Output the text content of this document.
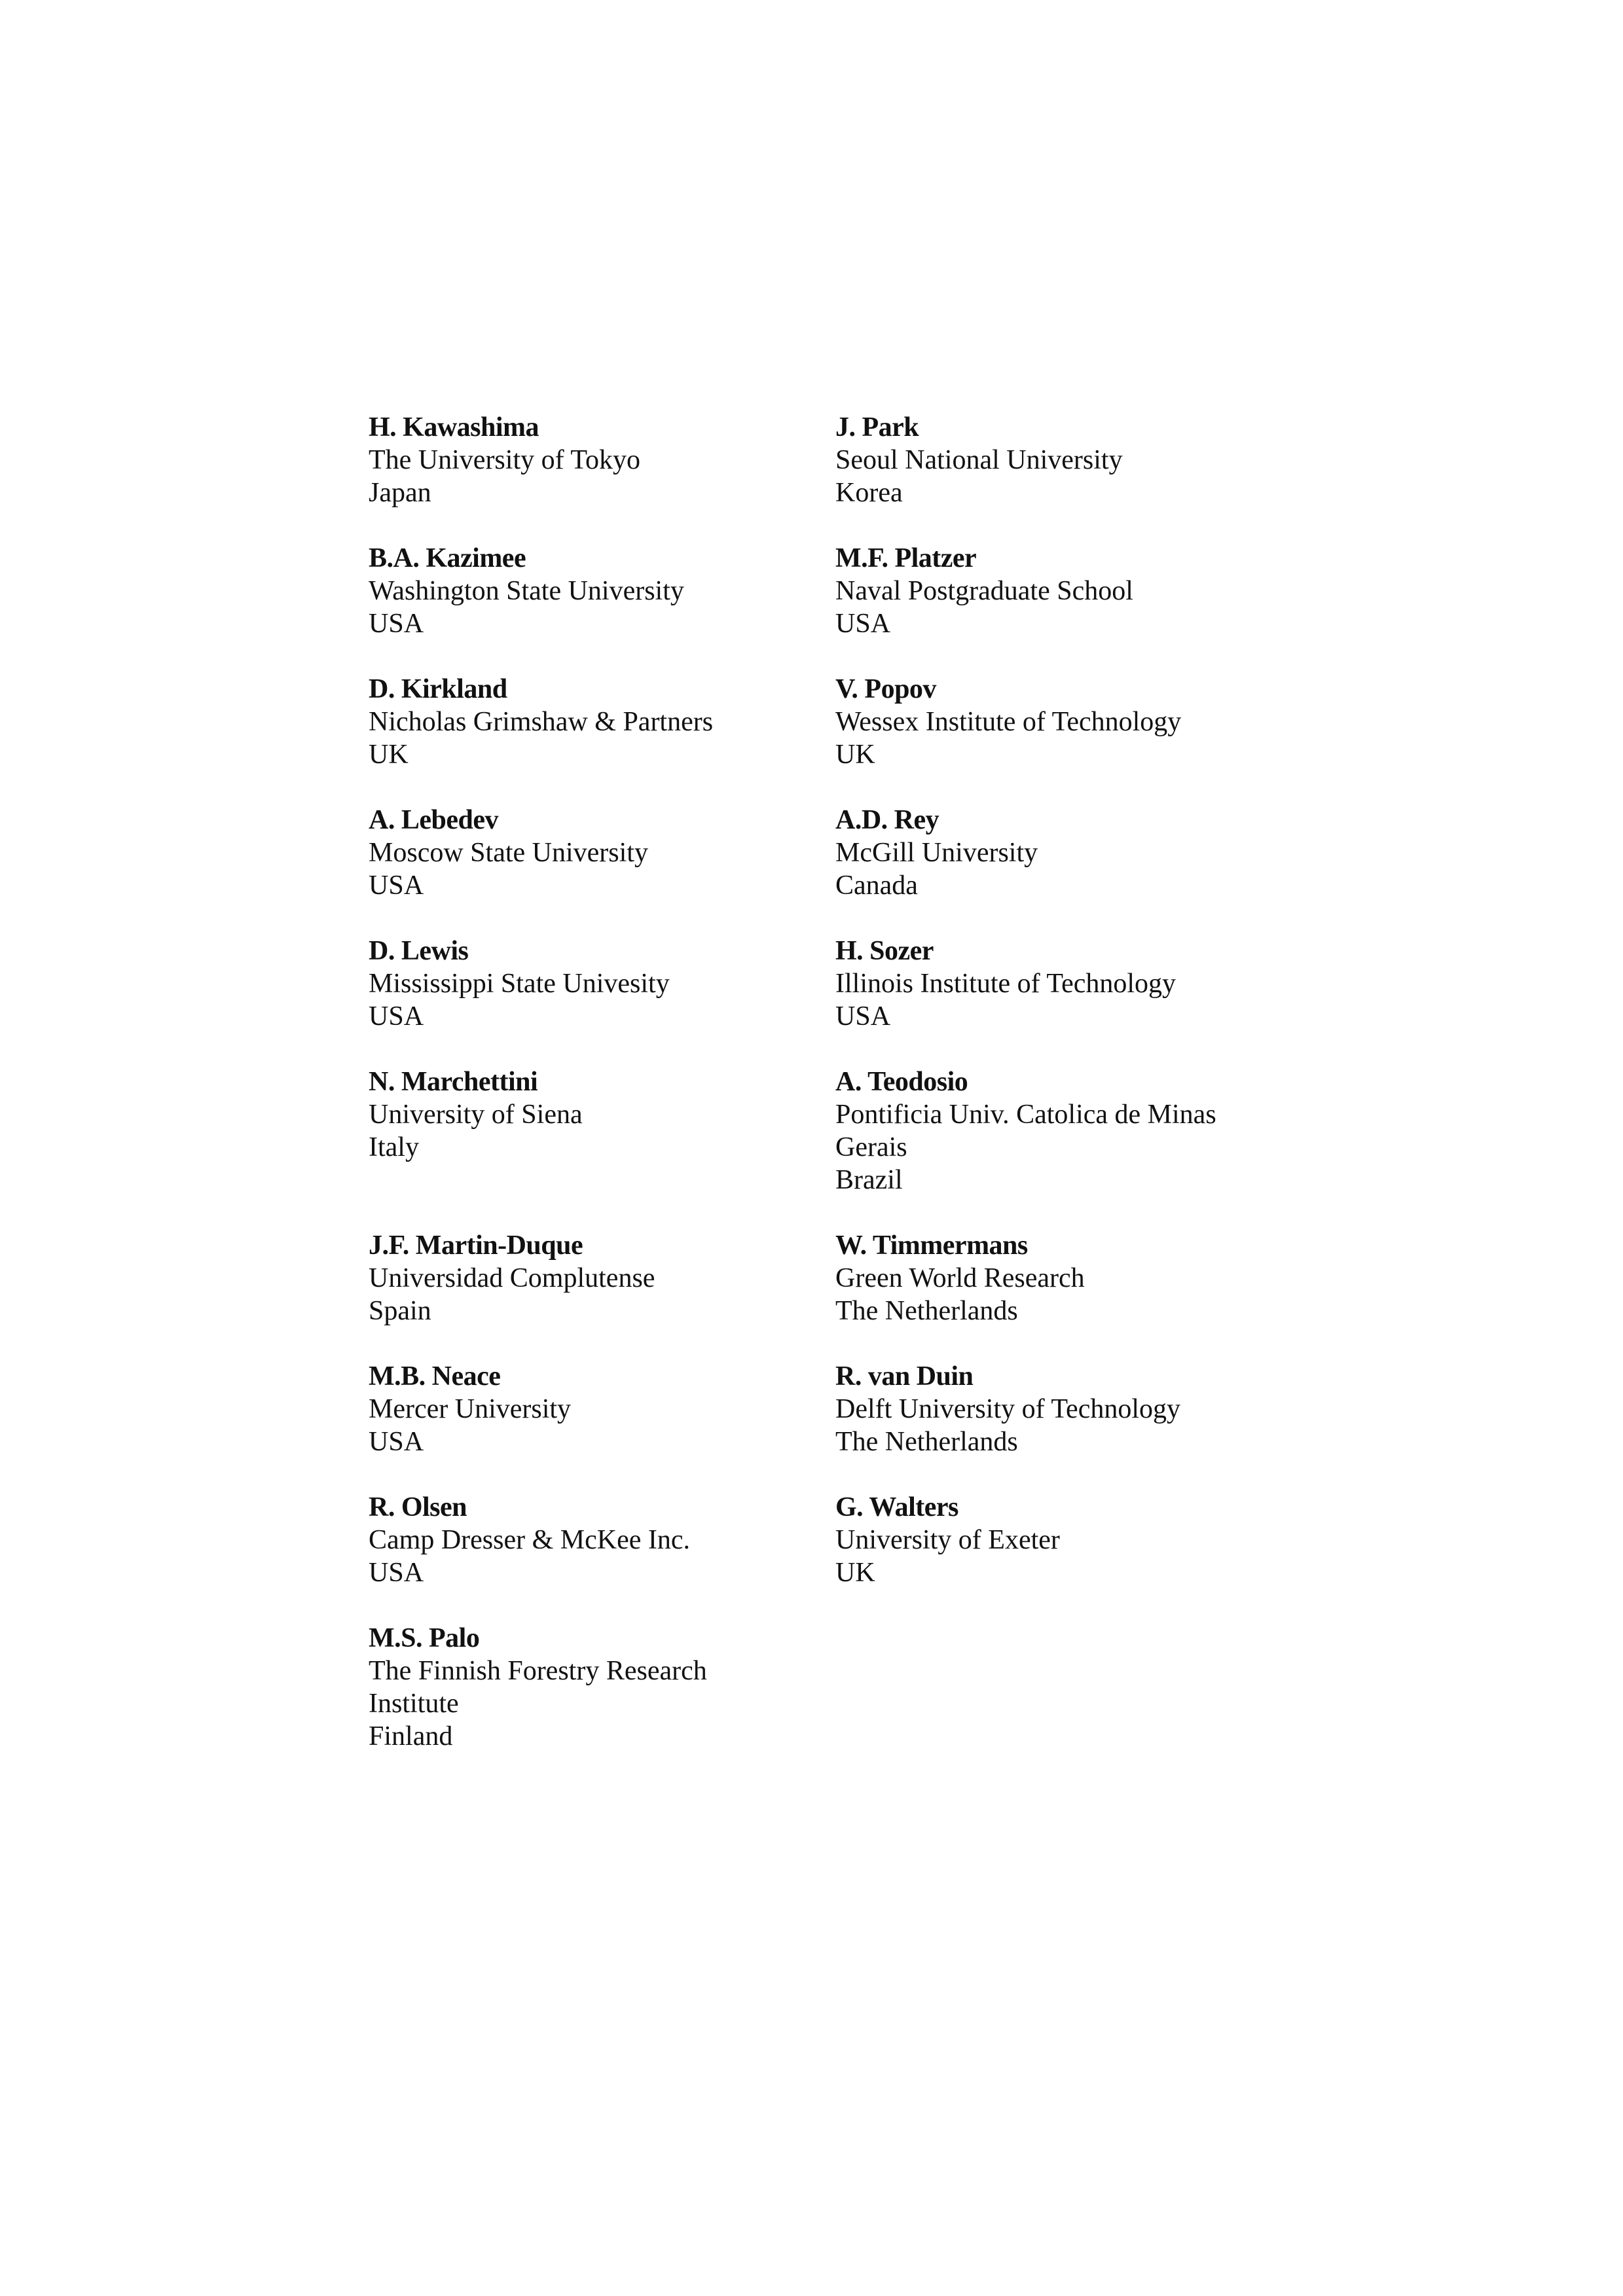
H. Kawashima
The University of Tokyo
Japan
B.A. Kazimee
Washington State University
USA
D. Kirkland
Nicholas Grimshaw & Partners
UK
A. Lebedev
Moscow State University
USA
D. Lewis
Mississippi State Univesity
USA
N. Marchettini
University of Siena
Italy
J.F. Martin-Duque
Universidad Complutense
Spain
M.B. Neace
Mercer University
USA
R. Olsen
Camp Dresser & McKee Inc.
USA
M.S. Palo
The Finnish Forestry Research
Institute
Finland
J. Park
Seoul National University
Korea
M.F. Platzer
Naval Postgraduate School
USA
V. Popov
Wessex Institute of Technology
UK
A.D. Rey
McGill University
Canada
H. Sozer
Illinois Institute of Technology
USA
A. Teodosio
Pontificia Univ. Catolica de Minas
Gerais
Brazil
W. Timmermans
Green World Research
The Netherlands
R. van Duin
Delft University of Technology
The Netherlands
G. Walters
University of Exeter
UK
